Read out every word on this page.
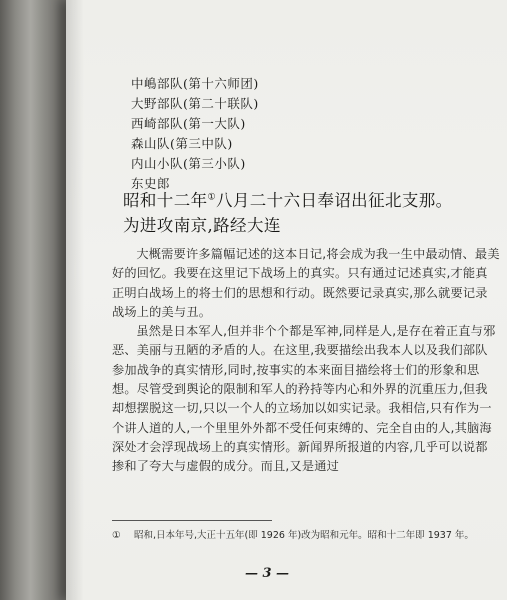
中嶋部队(第十六师团)
大野部队(第二十联队)
西崎部队(第一大队)
森山队(第三中队)
内山小队(第三小队)
东史郎
昭和十二年①八月二十六日奉诏出征北支那。
为进攻南京,路经大连

大概需要许多篇幅记述的这本日记,将会成为我一生中最动情、最美好的回忆。我要在这里记下战场上的真实。只有通过记述真实,才能真正明白战场上的将士们的思想和行动。既然要记录真实,那么就要记录战场上的美与丑。

虽然是日本军人,但并非个个都是军神,同样是人,是存在着正直与邪恶、美丽与丑陋的矛盾的人。在这里,我要描绘出我本人以及我们部队参加战争的真实情形,同时,按事实的本来面目描绘将士们的形象和思想。尽管受到舆论的限制和军人的矜持等内心和外界的沉重压力,但我却想摆脱这一切,只以一个人的立场加以如实记录。我相信,只有作为一个讲人道的人,一个里里外外都不受任何束缚的、完全自由的人,其脑海深处才会浮现战场上的真实情形。新闻界所报道的内容,几乎可以说都掺和了夸大与虚假的成分。而且,又是通过

① 昭和,日本年号,大正十五年(即 1926 年)改为昭和元年。昭和十二年即 1937 年。
— 3 —
